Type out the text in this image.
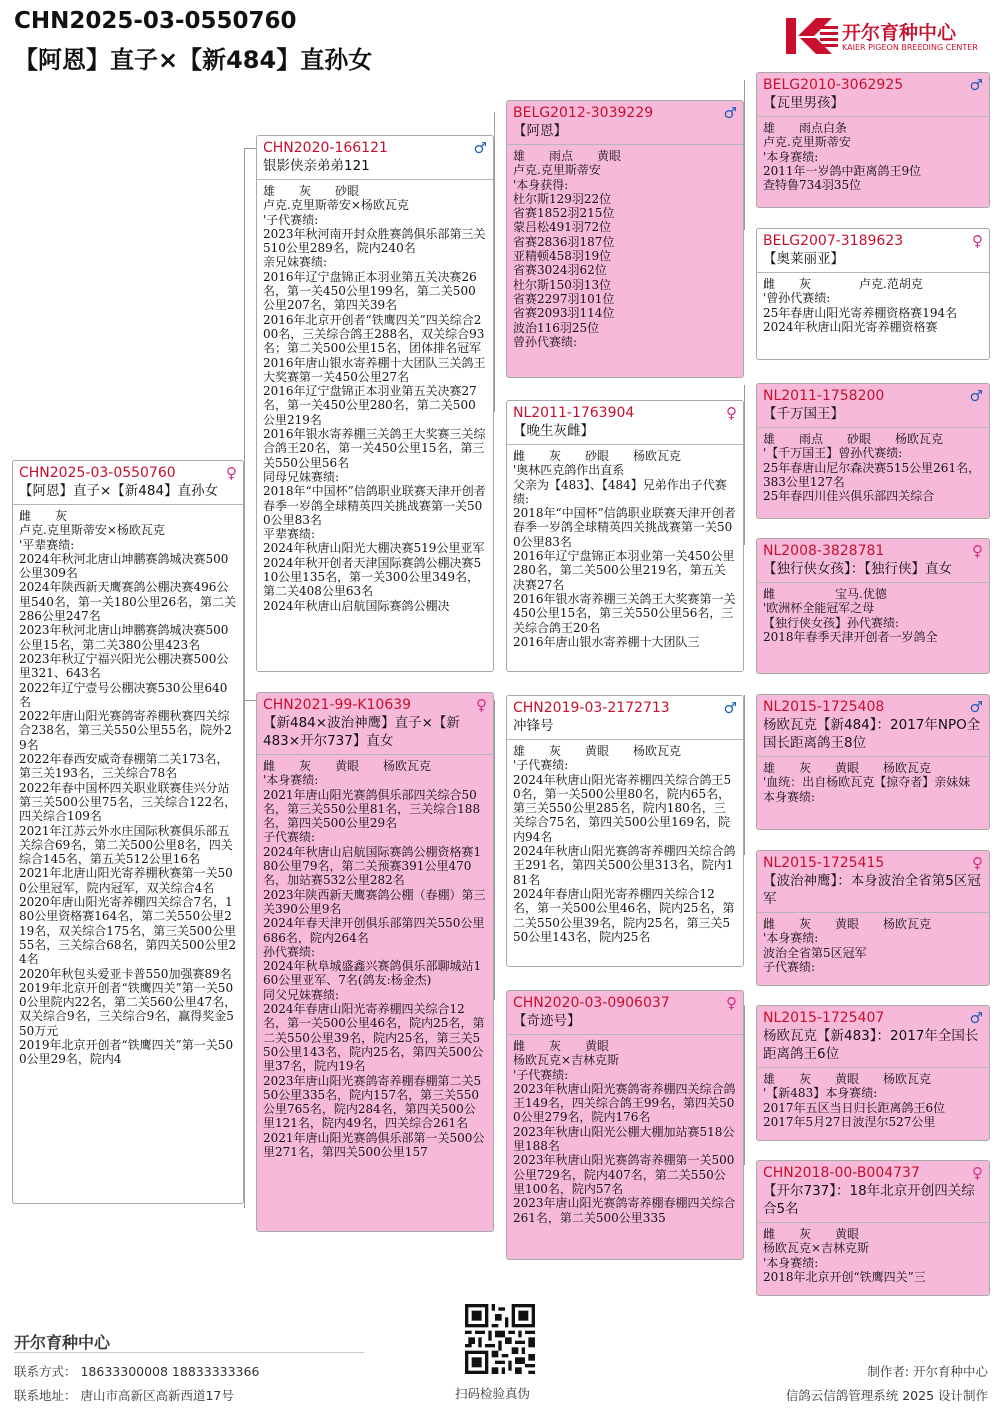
CHN2025-03-0550760
【阿恩】直子×【新484】直孙女
开尔育种中心
KAIER PIGEON BREEDING CENTER
CHN2025-03-0550760	♀
【阿恩】直子×【新484】直孙女
雌　　灰
卢克.克里斯蒂安×杨欧瓦克
'平辈赛绩:
2024年秋河北唐山坤鹏赛鸽城决赛500公里309名
2024年陕西新天鹰赛鸽公棚决赛496公里540名，第一关180公里26名，第二关286公里247名
2023年秋河北唐山坤鹏赛鸽城决赛500公里15名，第二关380公里423名
2023年秋辽宁福兴阳光公棚决赛500公里321、643名
2022年辽宁壹号公棚决赛530公里640名
2022年唐山阳光赛鸽寄养棚秋赛四关综合238名，第三关550公里55名，院外29名
2022年春西安威奇春棚第二关173名，第三关193名，三关综合78名
2022年春中国杯四关职业联赛佳兴分站第三关500公里75名，三关综合122名，四关综合109名
2021年江苏云外水庄国际秋赛俱乐部五关综合69名，第二关500公里8名，四关综合145名，第五关512公里16名
2021年北唐山阳光寄养棚秋赛第一关500公里冠军，院内冠军，双关综合4名
2020年唐山阳光寄养棚四关综合7名，180公里资格赛164名，第二关550公里219名，双关综合175名，第三关500公里55名，三关综合68名，第四关500公里24名
2020年秋包头爱亚卡普550加强赛89名
2019年北京开创者“铁鹰四关”第一关500公里院内22名，第二关560公里47名，双关综合9名，三关综合9名，赢得奖金550万元
2019年北京开创者“铁鹰四关”第一关500公里29名，院内4
CHN2020-166121	♂
银影侠亲弟弟121
雄　　灰　　砂眼
卢克.克里斯蒂安×杨欧瓦克
'子代赛绩:
2023年秋河南开封众胜赛鸽俱乐部第三关510公里289名，院内240名
亲兄妹赛绩:
2016年辽宁盘锦正本羽业第五关决赛26名，第一关450公里199名，第二关500公里207名，第四关39名
2016年北京开创者“铁鹰四关”四关综合200名，三关综合鸽王288名，双关综合93名；第二关500公里15名，团体排名冠军
2016年唐山银水寄养棚十大团队三关鸽王大奖赛第一关450公里27名
2016年辽宁盘锦正本羽业第五关决赛27名，第一关450公里280名，第二关500公里219名
2016年银水寄养棚三关鸽王大奖赛三关综合鸽王20名，第一关450公里15名，第三关550公里56名
同母兄妹赛绩:
2018年“中国杯”信鸽职业联赛天津开创者春季一岁鸽全球精英四关挑战赛第一关500公里83名
平辈赛绩:
2024年秋唐山阳光大棚决赛519公里亚军
2024年秋开创者天津国际赛鸽公棚决赛510公里135名，第一关300公里349名，第二关408公里63名
2024年秋唐山启航国际赛鸽公棚决
CHN2021-99-K10639	♀
【新484×波治神鹰】直子×【新483×开尔737】直女
雌　　灰　　黄眼　　杨欧瓦克
'本身赛绩:
2021年唐山阳光赛鸽俱乐部四关综合50名，第三关550公里81名，三关综合188名，第四关500公里29名
子代赛绩:
2024年秋唐山启航国际赛鸽公棚资格赛180公里79名，第二关预赛391公里470名，加站赛532公里282名
2023年陕西新天鹰赛鸽公棚（春棚）第三关390公里9名
2024年春天津开创俱乐部第四关550公里686名，院内264名
孙代赛绩:
2024年秋阜城盛鑫兴赛鸽俱乐部聊城站160公里亚军、7名(鸽友:杨金杰)
同父兄妹赛绩:
2024年春唐山阳光寄养棚四关综合12名，第一关500公里46名，院内25名，第二关550公里39名，院内25名，第三关550公里143名，院内25名，第四关500公里37名，院内19名
2023年唐山阳光赛鸽寄养棚春棚第二关550公里335名，院内157名，第三关550公里765名，院内284名，第四关500公里121名，院内49名，四关综合261名
2021年唐山阳光赛鸽俱乐部第一关500公里271名，第四关500公里157
BELG2012-3039229	♂
【阿恩】
雄　　雨点　　黄眼
卢克.克里斯蒂安
'本身获得:
杜尔斯129羽22位
省赛1852羽215位
蒙吕松491羽72位
省赛2836羽187位
亚精顿458羽19位
省赛3024羽62位
杜尔斯150羽13位
省赛2297羽101位
省赛2093羽114位
波治116羽25位
曾孙代赛绩:
NL2011-1763904	♀
【晚生灰雌】
雌　　灰　　砂眼　　杨欧瓦克
'奥林匹克鸽作出直系
父亲为【483】、【484】兄弟作出子代赛绩:
2018年“中国杯”信鸽职业联赛天津开创者春季一岁鸽全球精英四关挑战赛第一关500公里83名
2016年辽宁盘锦正本羽业第一关450公里280名，第二关500公里219名，第五关决赛27名
2016年银水寄养棚三关鸽王大奖赛第一关450公里15名，第三关550公里56名，三关综合鸽王20名
2016年唐山银水寄养棚十大团队三
CHN2019-03-2172713	♂
冲锋号
雄　　灰　　黄眼　　杨欧瓦克
'子代赛绩:
2024年秋唐山阳光寄养棚四关综合鸽王50名，第一关500公里80名，院内65名，第三关550公里285名，院内180名，三关综合75名，第四关500公里169名，院内94名
2024年秋唐山阳光赛鸽寄养棚四关综合鸽王291名，第四关500公里313名，院内181名
2024年春唐山阳光寄养棚四关综合12名，第一关500公里46名，院内25名，第二关550公里39名，院内25名，第三关550公里143名，院内25名
CHN2020-03-0906037	♀
【奇迹号】
雌　　灰　　黄眼
杨欧瓦克×吉林克斯
'子代赛绩:
2023年秋唐山阳光赛鸽寄养棚四关综合鸽王149名，四关综合鸽王99名，第四关500公里279名，院内176名
2023年秋唐山阳光公棚大棚加站赛518公里188名
2023年秋唐山阳光赛鸽寄养棚第一关500公里729名，院内407名，第二关550公里100名，院内57名
2023年唐山阳光赛鸽寄养棚春棚四关综合261名，第二关500公里335
BELG2010-3062925	♂
【瓦里男孩】
雄　　雨点白条
卢克.克里斯蒂安
'本身赛绩:
2011年一岁鸽中距离鸽王9位
查特鲁734羽35位
BELG2007-3189623	♀
【奥莱丽亚】
雌　　灰　　　　卢克.范胡克
'曾孙代赛绩:
25年春唐山阳光寄养棚资格赛194名
2024年秋唐山阳光寄养棚资格赛
NL2011-1758200	♂
【千万国王】
雄　　雨点　　砂眼　　杨欧瓦克
'【千万国王】曾孙代赛绩:
25年春唐山尼尔森决赛515公里261名，383公里127名
25年春四川佳兴俱乐部四关综合
NL2008-3828781	♀
【独行侠女孩】：【独行侠】直女
雌　　　　　宝马.优德
'欧洲杯全能冠军之母
【独行侠女孩】孙代赛绩:
2018年春季天津开创者一岁鸽全
NL2015-1725408	♂
杨欧瓦克【新484】：2017年NPO全国长距离鸽王8位
雄　　灰　　黄眼　　杨欧瓦克
'血统：出自杨欧瓦克【掠夺者】亲妹妹
本身赛绩:
NL2015-1725415	♀
【波治神鹰】：本身波治全省第5区冠军
雌　　灰　　黄眼　　杨欧瓦克
'本身赛绩:
波治全省第5区冠军
子代赛绩:
NL2015-1725407	♂
杨欧瓦克【新483】：2017年全国长距离鸽王6位
雄　　灰　　黄眼　　杨欧瓦克
'【新483】本身赛绩:
2017年五区当日归长距离鸽王6位
2017年5月27日波涅尔527公里
CHN2018-00-B004737	♀
【开尔737】：18年北京开创四关综合5名
雌　　灰　　黄眼
杨欧瓦克×吉林克斯
'本身赛绩:
2018年北京开创“铁鹰四关”三
开尔育种中心
联系方式： 18633300008 18833333366
联系地址： 唐山市高新区高新西道17号	扫码检验真伪
制作者: 开尔育种中心
信鸽云信鸽管理系统 2025 设计制作
